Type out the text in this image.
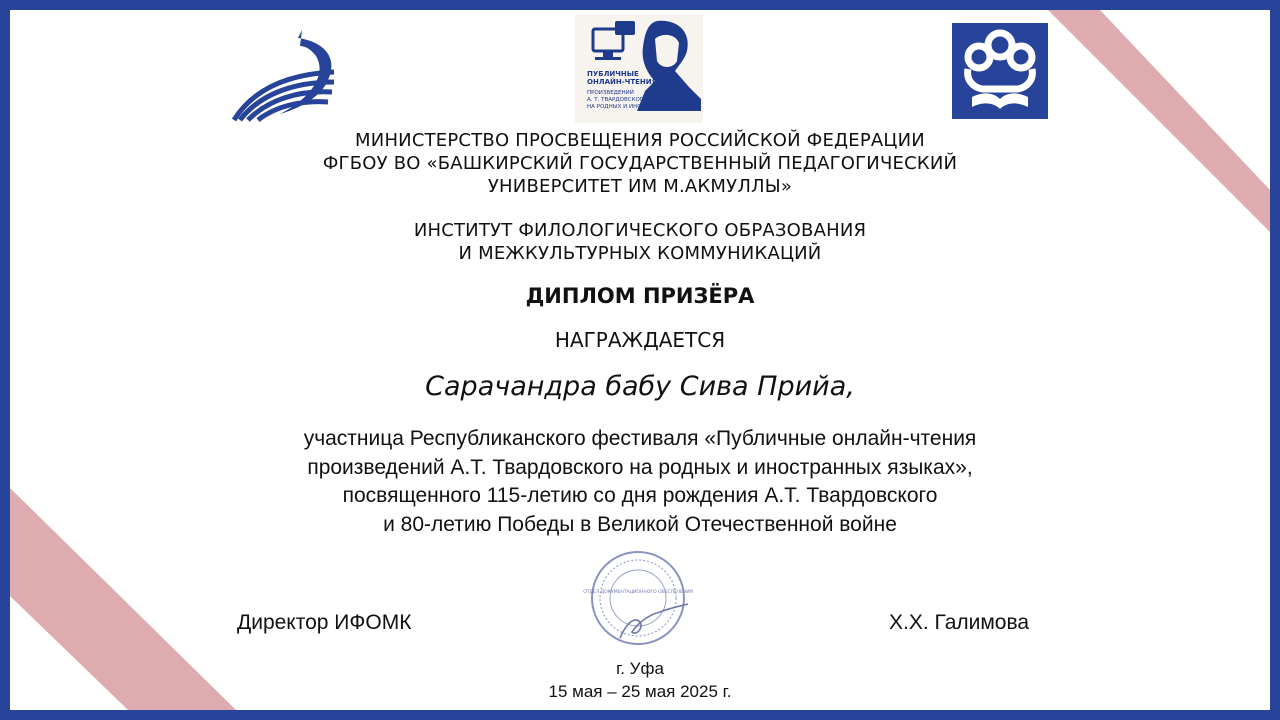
ПУБЛИЧНЫЕ
ОНЛАЙН-ЧТЕНИЯ
ПРОИЗВЕДЕНИЙ
А. Т. ТВАРДОВСКОГО
НА РОДНЫХ И ИНОСТРАННЫХ ЯЗЫКАХ
МИНИСТЕРСТВО ПРОСВЕЩЕНИЯ РОССИЙСКОЙ ФЕДЕРАЦИИ
ФГБОУ ВО «БАШКИРСКИЙ ГОСУДАРСТВЕННЫЙ ПЕДАГОГИЧЕСКИЙ
УНИВЕРСИТЕТ ИМ М.АКМУЛЛЫ»
ИНСТИТУТ ФИЛОЛОГИЧЕСКОГО ОБРАЗОВАНИЯ
И МЕЖКУЛЬТУРНЫХ КОММУНИКАЦИЙ
ДИПЛОМ ПРИЗЁРА
НАГРАЖДАЕТСЯ
Сарачандра бабу Сива Прийа,
участница Республиканского фестиваля «Публичные онлайн-чтения
произведений А.Т. Твардовского на родных и иностранных языках»,
посвященного 115-летию со дня рождения А.Т. Твардовского
и 80-летию Победы в Великой Отечественной войне
ОТДЕЛ ДОКУМЕНТАЦИОННОГО ОБЕСПЕЧЕНИЯ
Директор ИФОМК	Х.Х. Галимова
г. Уфа
15 мая – 25 мая 2025 г.
